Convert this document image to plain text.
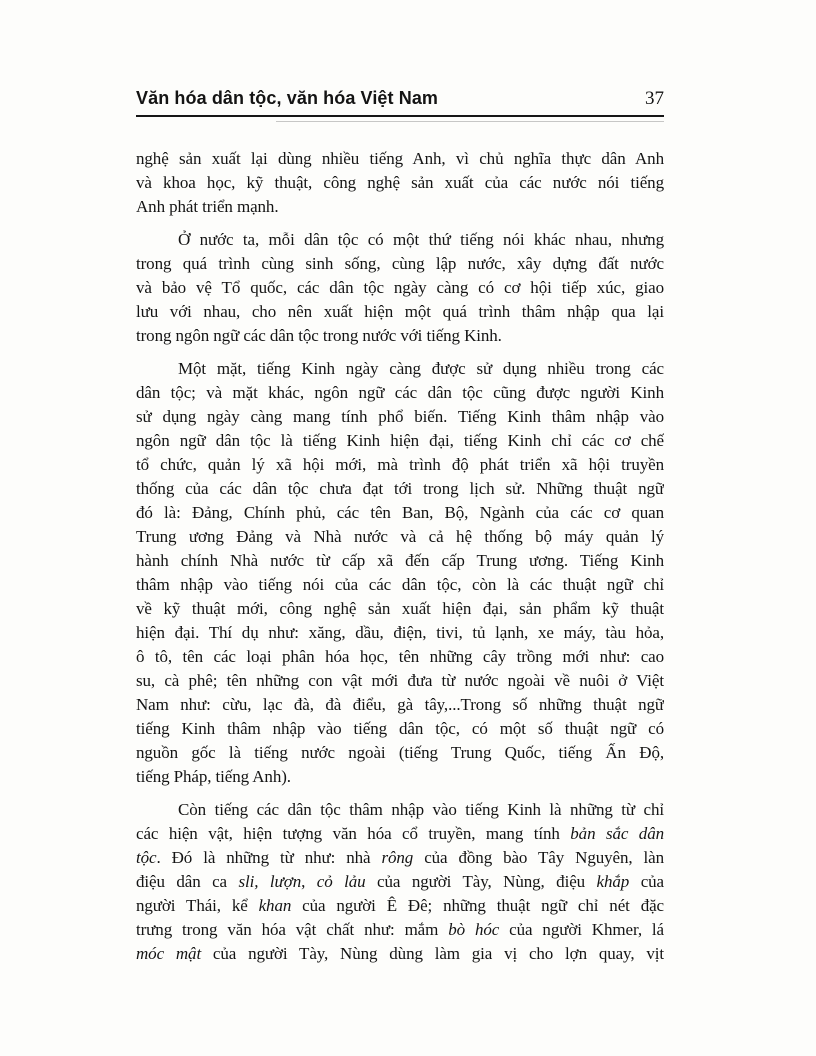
Văn hóa dân tộc, văn hóa Việt Nam	37
nghệ sản xuất lại dùng nhiều tiếng Anh, vì chủ nghĩa thực dân Anh
và khoa học, kỹ thuật, công nghệ sản xuất của các nước nói tiếng
Anh phát triển mạnh.
Ở nước ta, mỗi dân tộc có một thứ tiếng nói khác nhau, nhưng
trong quá trình cùng sinh sống, cùng lập nước, xây dựng đất nước
và bảo vệ Tổ quốc, các dân tộc ngày càng có cơ hội tiếp xúc, giao
lưu với nhau, cho nên xuất hiện một quá trình thâm nhập qua lại
trong ngôn ngữ các dân tộc trong nước với tiếng Kinh.
Một mặt, tiếng Kinh ngày càng được sử dụng nhiều trong các
dân tộc; và mặt khác, ngôn ngữ các dân tộc cũng được người Kinh
sử dụng ngày càng mang tính phổ biến. Tiếng Kinh thâm nhập vào
ngôn ngữ dân tộc là tiếng Kinh hiện đại, tiếng Kinh chỉ các cơ chế
tổ chức, quản lý xã hội mới, mà trình độ phát triển xã hội truyền
thống của các dân tộc chưa đạt tới trong lịch sử. Những thuật ngữ
đó là: Đảng, Chính phủ, các tên Ban, Bộ, Ngành của các cơ quan
Trung ương Đảng và Nhà nước và cả hệ thống bộ máy quản lý
hành chính Nhà nước từ cấp xã đến cấp Trung ương. Tiếng Kinh
thâm nhập vào tiếng nói của các dân tộc, còn là các thuật ngữ chỉ
về kỹ thuật mới, công nghệ sản xuất hiện đại, sản phẩm kỹ thuật
hiện đại. Thí dụ như: xăng, dầu, điện, tivi, tủ lạnh, xe máy, tàu hỏa,
ô tô, tên các loại phân hóa học, tên những cây trồng mới như: cao
su, cà phê; tên những con vật mới đưa từ nước ngoài về nuôi ở Việt
Nam như: cừu, lạc đà, đà điểu, gà tây,...Trong số những thuật ngữ
tiếng Kinh thâm nhập vào tiếng dân tộc, có một số thuật ngữ có
nguồn gốc là tiếng nước ngoài (tiếng Trung Quốc, tiếng Ấn Độ,
tiếng Pháp, tiếng Anh).
Còn tiếng các dân tộc thâm nhập vào tiếng Kinh là những từ chỉ
các hiện vật, hiện tượng văn hóa cổ truyền, mang tính bản sắc dân
tộc. Đó là những từ như: nhà rông của đồng bào Tây Nguyên, làn
điệu dân ca sli, lượn, cỏ lảu của người Tày, Nùng, điệu khắp của
người Thái, kể khan của người Ê Đê; những thuật ngữ chỉ nét đặc
trưng trong văn hóa vật chất như: mắm bò hóc của người Khmer, lá
móc mật của người Tày, Nùng dùng làm gia vị cho lợn quay, vịt
